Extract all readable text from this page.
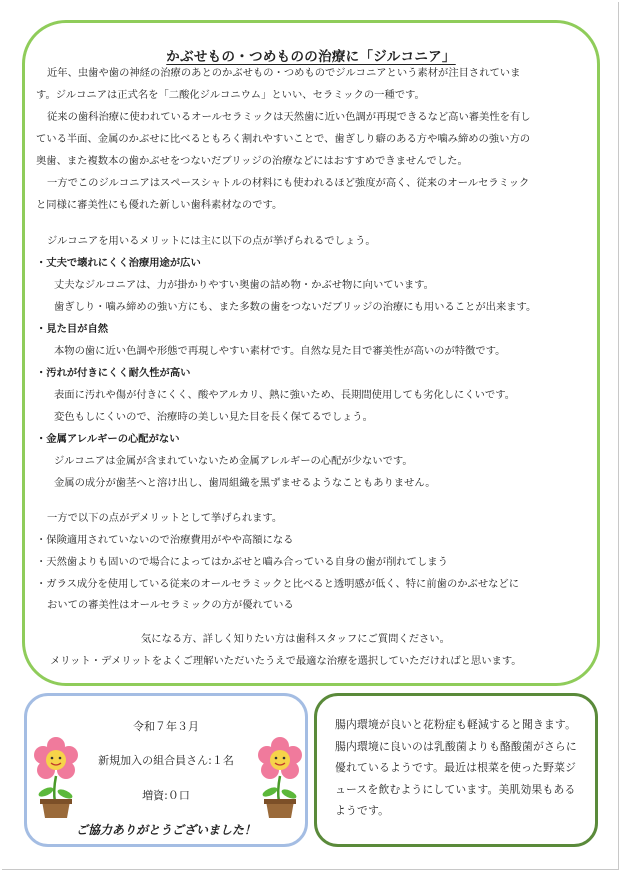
かぶせもの・つめものの治療に「ジルコニア」
近年、虫歯や歯の神経の治療のあとのかぶせもの・つめものでジルコニアという素材が注目されていま
す。ジルコニアは正式名を「二酸化ジルコニウム」といい、セラミックの一種です。
従来の歯科治療に使われているオールセラミックは天然歯に近い色調が再現できるなど高い審美性を有し
ている半面、金属のかぶせに比べるともろく割れやすいことで、歯ぎしり癖のある方や噛み締めの強い方の
奥歯、また複数本の歯かぶせをつないだブリッジの治療などにはおすすめできませんでした。
一方でこのジルコニアはスペースシャトルの材料にも使われるほど強度が高く、従来のオールセラミック
と同様に審美性にも優れた新しい歯科素材なのです。
ジルコニアを用いるメリットには主に以下の点が挙げられるでしょう。
・丈夫で壊れにくく治療用途が広い
丈夫なジルコニアは、力が掛かりやすい奥歯の詰め物・かぶせ物に向いています。
歯ぎしり・噛み締めの強い方にも、また多数の歯をつないだブリッジの治療にも用いることが出来ます。
・見た目が自然
本物の歯に近い色調や形態で再現しやすい素材です。自然な見た目で審美性が高いのが特徴です。
・汚れが付きにくく耐久性が高い
表面に汚れや傷が付きにくく、酸やアルカリ、熱に強いため、長期間使用しても劣化しにくいです。
変色もしにくいので、治療時の美しい見た目を長く保てるでしょう。
・金属アレルギーの心配がない
ジルコニアは金属が含まれていないため金属アレルギーの心配が少ないです。
金属の成分が歯茎へと溶け出し、歯周組織を黒ずませるようなこともありません。
一方で以下の点がデメリットとして挙げられます。
・保険適用されていないので治療費用がやや高額になる
・天然歯よりも固いので場合によってはかぶせと嚙み合っている自身の歯が削れてしまう
・ガラス成分を使用している従来のオールセラミックと比べると透明感が低く、特に前歯のかぶせなどに
おいての審美性はオールセラミックの方が優れている
気になる方、詳しく知りたい方は歯科スタッフにご質問ください。
メリット・デメリットをよくご理解いただいたうえで最適な治療を選択していただければと思います。
令和７年３月
新規加入の組合員さん:１名
増資:０口
ご協力ありがとうございました！
腸内環境が良いと花粉症も軽減すると聞きます。腸内環境に良いのは乳酸菌よりも酪酸菌がさらに優れているようです。最近は根菜を使った野菜ジュースを飲むようにしています。美肌効果もあるようです。
